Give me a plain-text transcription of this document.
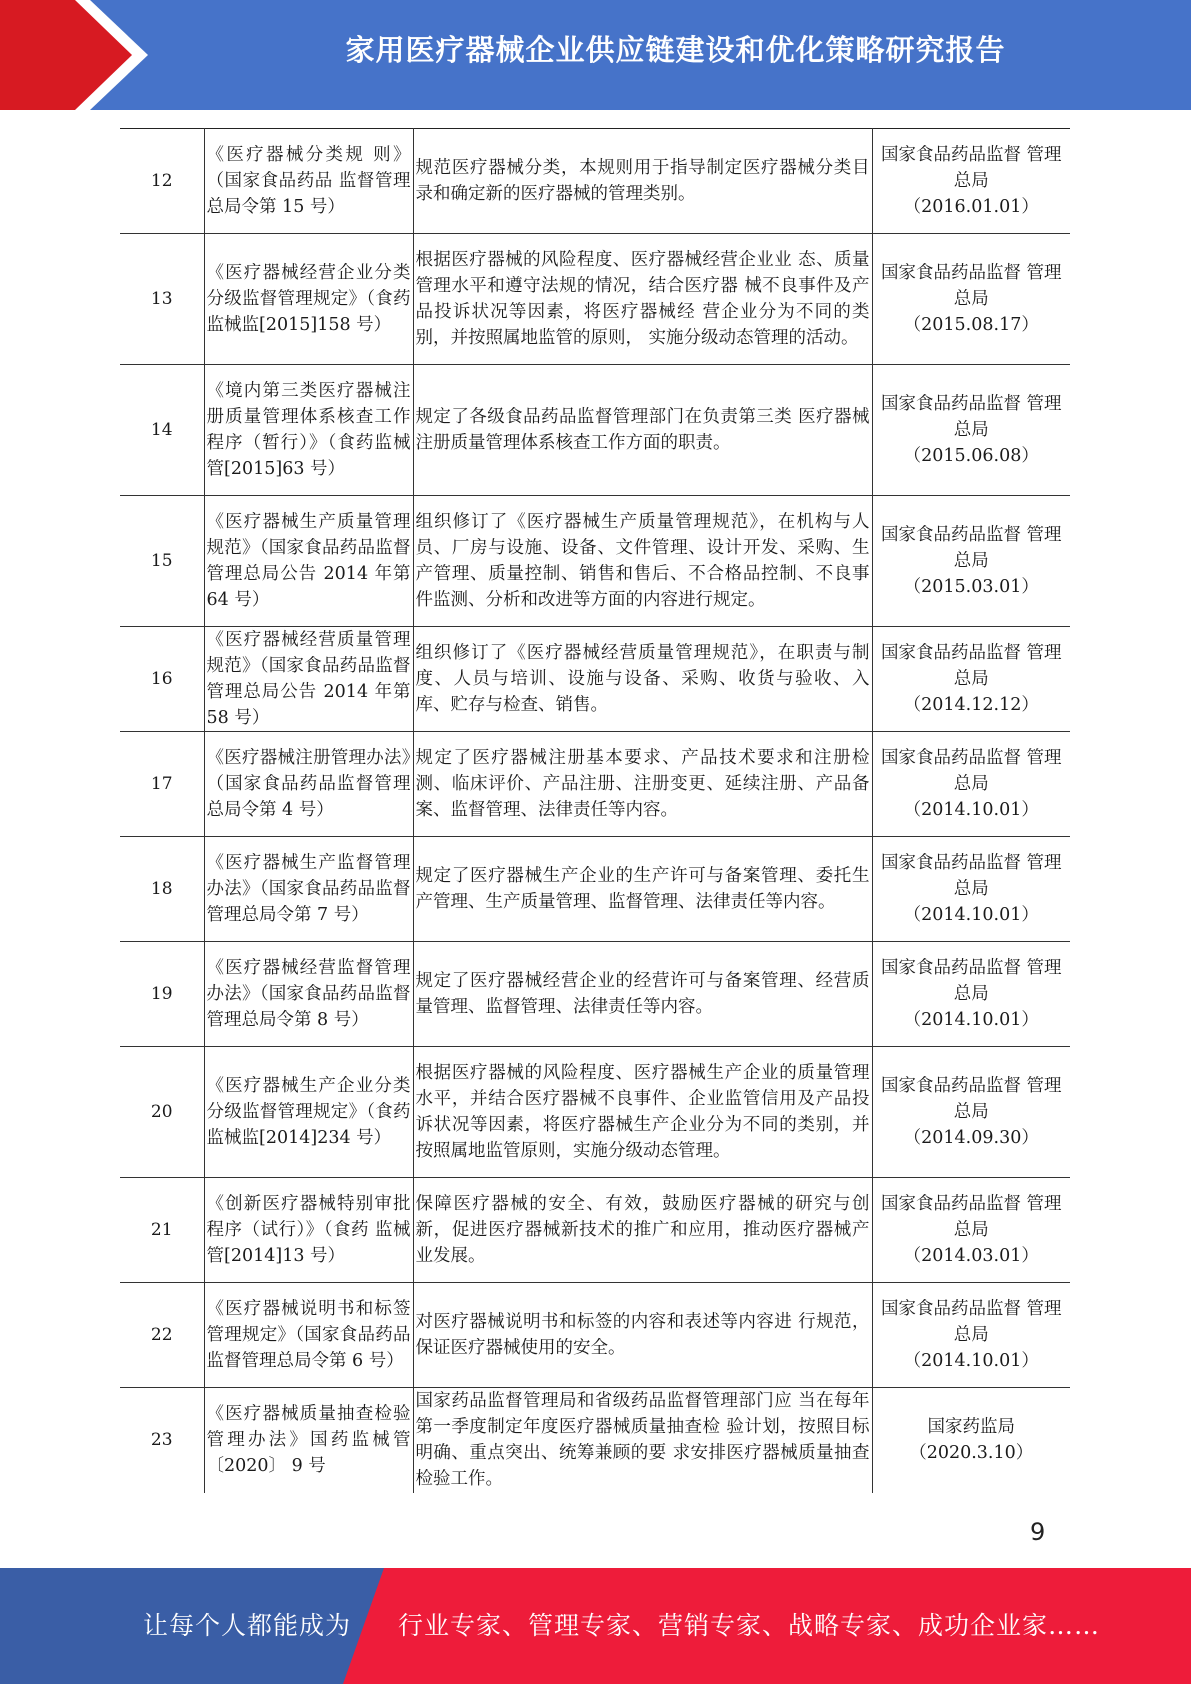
家用医疗器械企业供应链建设和优化策略研究报告
12	《医疗器械分类规 则》（国家食品药品 监督管理总局令第 15 号）	规范医疗器械分类，本规则用于指导制定医疗器械分类目录和确定新的医疗器械的管理类别。	国家食品药品监督 管理总局
（2016.01.01）

13	《医疗器械经营企业分类分级监督管理规定》（食药监械监[2015]158 号）	根据医疗器械的风险程度、医疗器械经营企业业 态、质量管理水平和遵守法规的情况，结合医疗器 械不良事件及产品投诉状况等因素，将医疗器械经 营企业分为不同的类别，并按照属地监管的原则， 实施分级动态管理的活动。	国家食品药品监督 管理总局
（2015.08.17）

14	《境内第三类医疗器械注册质量管理体系核查工作程序（暂行）》（食药监械管[2015]63 号）	规定了各级食品药品监督管理部门在负责第三类 医疗器械注册质量管理体系核查工作方面的职责。	国家食品药品监督 管理总局
（2015.06.08）

15	《医疗器械生产质量管理规范》（国家食品药品监督管理总局公告 2014 年第 64 号）	组织修订了《医疗器械生产质量管理规范》，在机构与人员、厂房与设施、设备、文件管理、设计开发、采购、生产管理、质量控制、销售和售后、不合格品控制、不良事件监测、分析和改进等方面的内容进行规定。	国家食品药品监督 管理总局
（2015.03.01）

16	《医疗器械经营质量管理规范》（国家食品药品监督管理总局公告 2014 年第 58 号）	组织修订了《医疗器械经营质量管理规范》，在职责与制度、人员与培训、设施与设备、采购、收货与验收、入库、贮存与检查、销售。	国家食品药品监督 管理总局
（2014.12.12）

17	《医疗器械注册管理办法》（国家食品药品监督管理总局令第 4 号）	规定了医疗器械注册基本要求、产品技术要求和注册检测、临床评价、产品注册、注册变更、延续注册、产品备案、监督管理、法律责任等内容。	国家食品药品监督 管理总局
（2014.10.01）

18	《医疗器械生产监督管理办法》（国家食品药品监督管理总局令第 7 号）	规定了医疗器械生产企业的生产许可与备案管理、委托生产管理、生产质量管理、监督管理、法律责任等内容。	国家食品药品监督 管理总局
（2014.10.01）

19	《医疗器械经营监督管理办法》（国家食品药品监督管理总局令第 8 号）	规定了医疗器械经营企业的经营许可与备案管理、经营质量管理、监督管理、法律责任等内容。	国家食品药品监督 管理总局
（2014.10.01）

20	《医疗器械生产企业分类分级监督管理规定》（食药监械监[2014]234 号）	根据医疗器械的风险程度、医疗器械生产企业的质量管理水平，并结合医疗器械不良事件、企业监管信用及产品投诉状况等因素，将医疗器械生产企业分为不同的类别，并按照属地监管原则，实施分级动态管理。	国家食品药品监督 管理总局
（2014.09.30）

21	《创新医疗器械特别审批程序（试行）》（食药 监械管[2014]13 号）	保障医疗器械的安全、有效，鼓励医疗器械的研究与创新，促进医疗器械新技术的推广和应用，推动医疗器械产业发展。	国家食品药品监督 管理总局
（2014.03.01）

22	《医疗器械说明书和标签管理规定》（国家食品药品监督管理总局令第 6 号）	对医疗器械说明书和标签的内容和表述等内容进 行规范，保证医疗器械使用的安全。	国家食品药品监督 管理总局
（2014.10.01）

23	《医疗器械质量抽查检验管理办法》国药监械管〔2020〕 9 号	国家药品监督管理局和省级药品监督管理部门应 当在每年第一季度制定年度医疗器械质量抽查检 验计划，按照目标明确、重点突出、统筹兼顾的要 求安排医疗器械质量抽查检验工作。	国家药监局
（2020.3.10）
9
让每个人都能成为 行业专家、管理专家、营销专家、战略专家、成功企业家……
